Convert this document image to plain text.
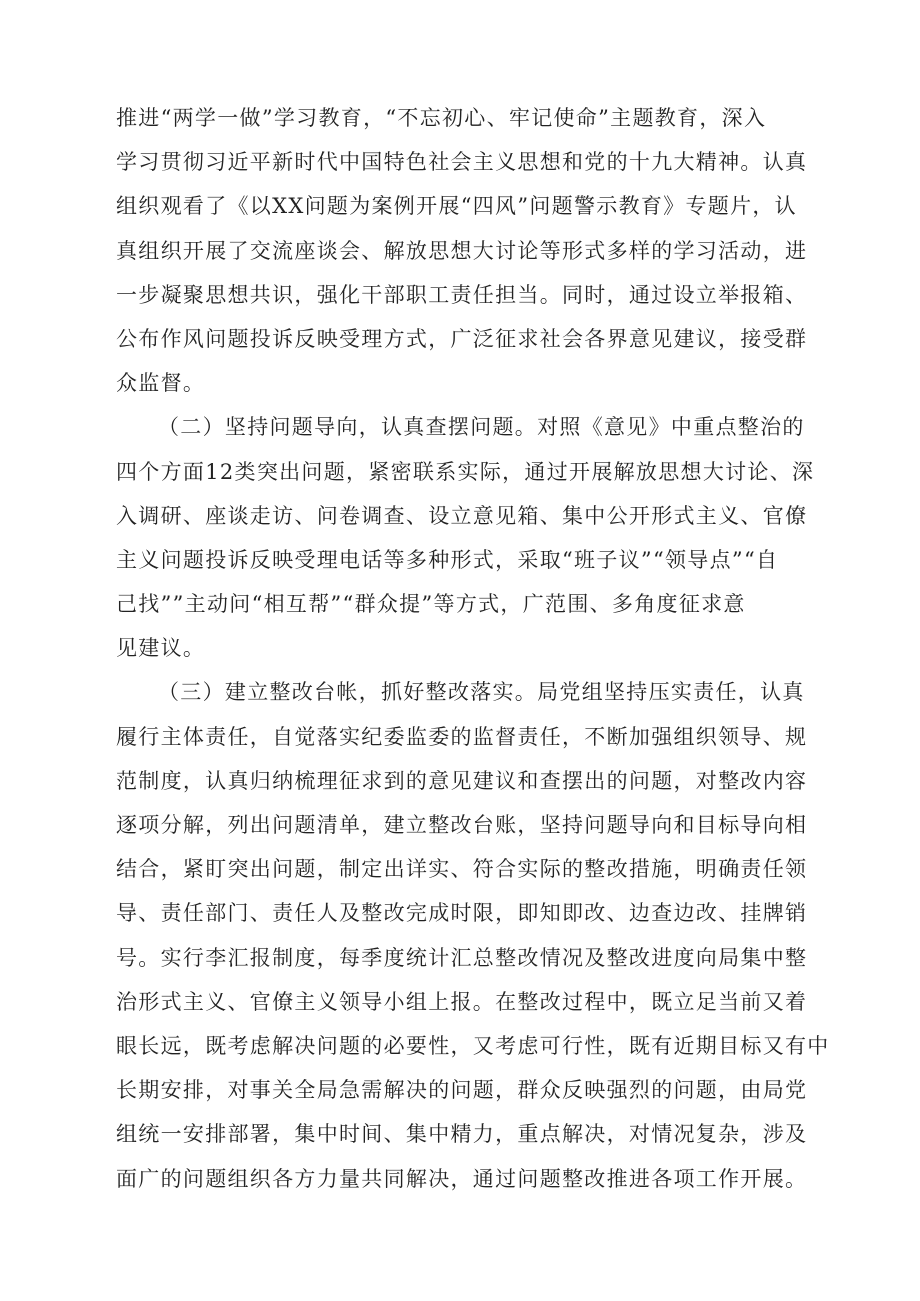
推进“两学一做”学习教育，“不忘初心、牢记使命”主题教育，深入
学习贯彻习近平新时代中国特色社会主义思想和党的十九大精神。认真
组织观看了《以XX问题为案例开展“四风”问题警示教育》专题片，认
真组织开展了交流座谈会、解放思想大讨论等形式多样的学习活动，进
一步凝聚思想共识，强化干部职工责任担当。同时，通过设立举报箱、
公布作风问题投诉反映受理方式，广泛征求社会各界意见建议，接受群
众监督。
（二）坚持问题导向，认真查摆问题。对照《意见》中重点整治的
四个方面12类突出问题，紧密联系实际，通过开展解放思想大讨论、深
入调研、座谈走访、问卷调查、设立意见箱、集中公开形式主义、官僚
主义问题投诉反映受理电话等多种形式，采取“班子议”“领导点”“自
己找””主动问“相互帮”“群众提”等方式，广范围、多角度征求意
见建议。
（三）建立整改台帐，抓好整改落实。局党组坚持压实责任，认真
履行主体责任，自觉落实纪委监委的监督责任，不断加强组织领导、规
范制度，认真归纳梳理征求到的意见建议和查摆出的问题，对整改内容
逐项分解，列出问题清单，建立整改台账，坚持问题导向和目标导向相
结合，紧盯突出问题，制定出详实、符合实际的整改措施，明确责任领
导、责任部门、责任人及整改完成时限，即知即改、边查边改、挂牌销
号。实行李汇报制度，每季度统计汇总整改情况及整改进度向局集中整
治形式主义、官僚主义领导小组上报。在整改过程中，既立足当前又着
眼长远，既考虑解决问题的必要性，又考虑可行性，既有近期目标又有中
长期安排，对事关全局急需解决的问题，群众反映强烈的问题，由局党
组统一安排部署，集中时间、集中精力，重点解决，对情况复杂，涉及
面广的问题组织各方力量共同解决，通过问题整改推进各项工作开展。
